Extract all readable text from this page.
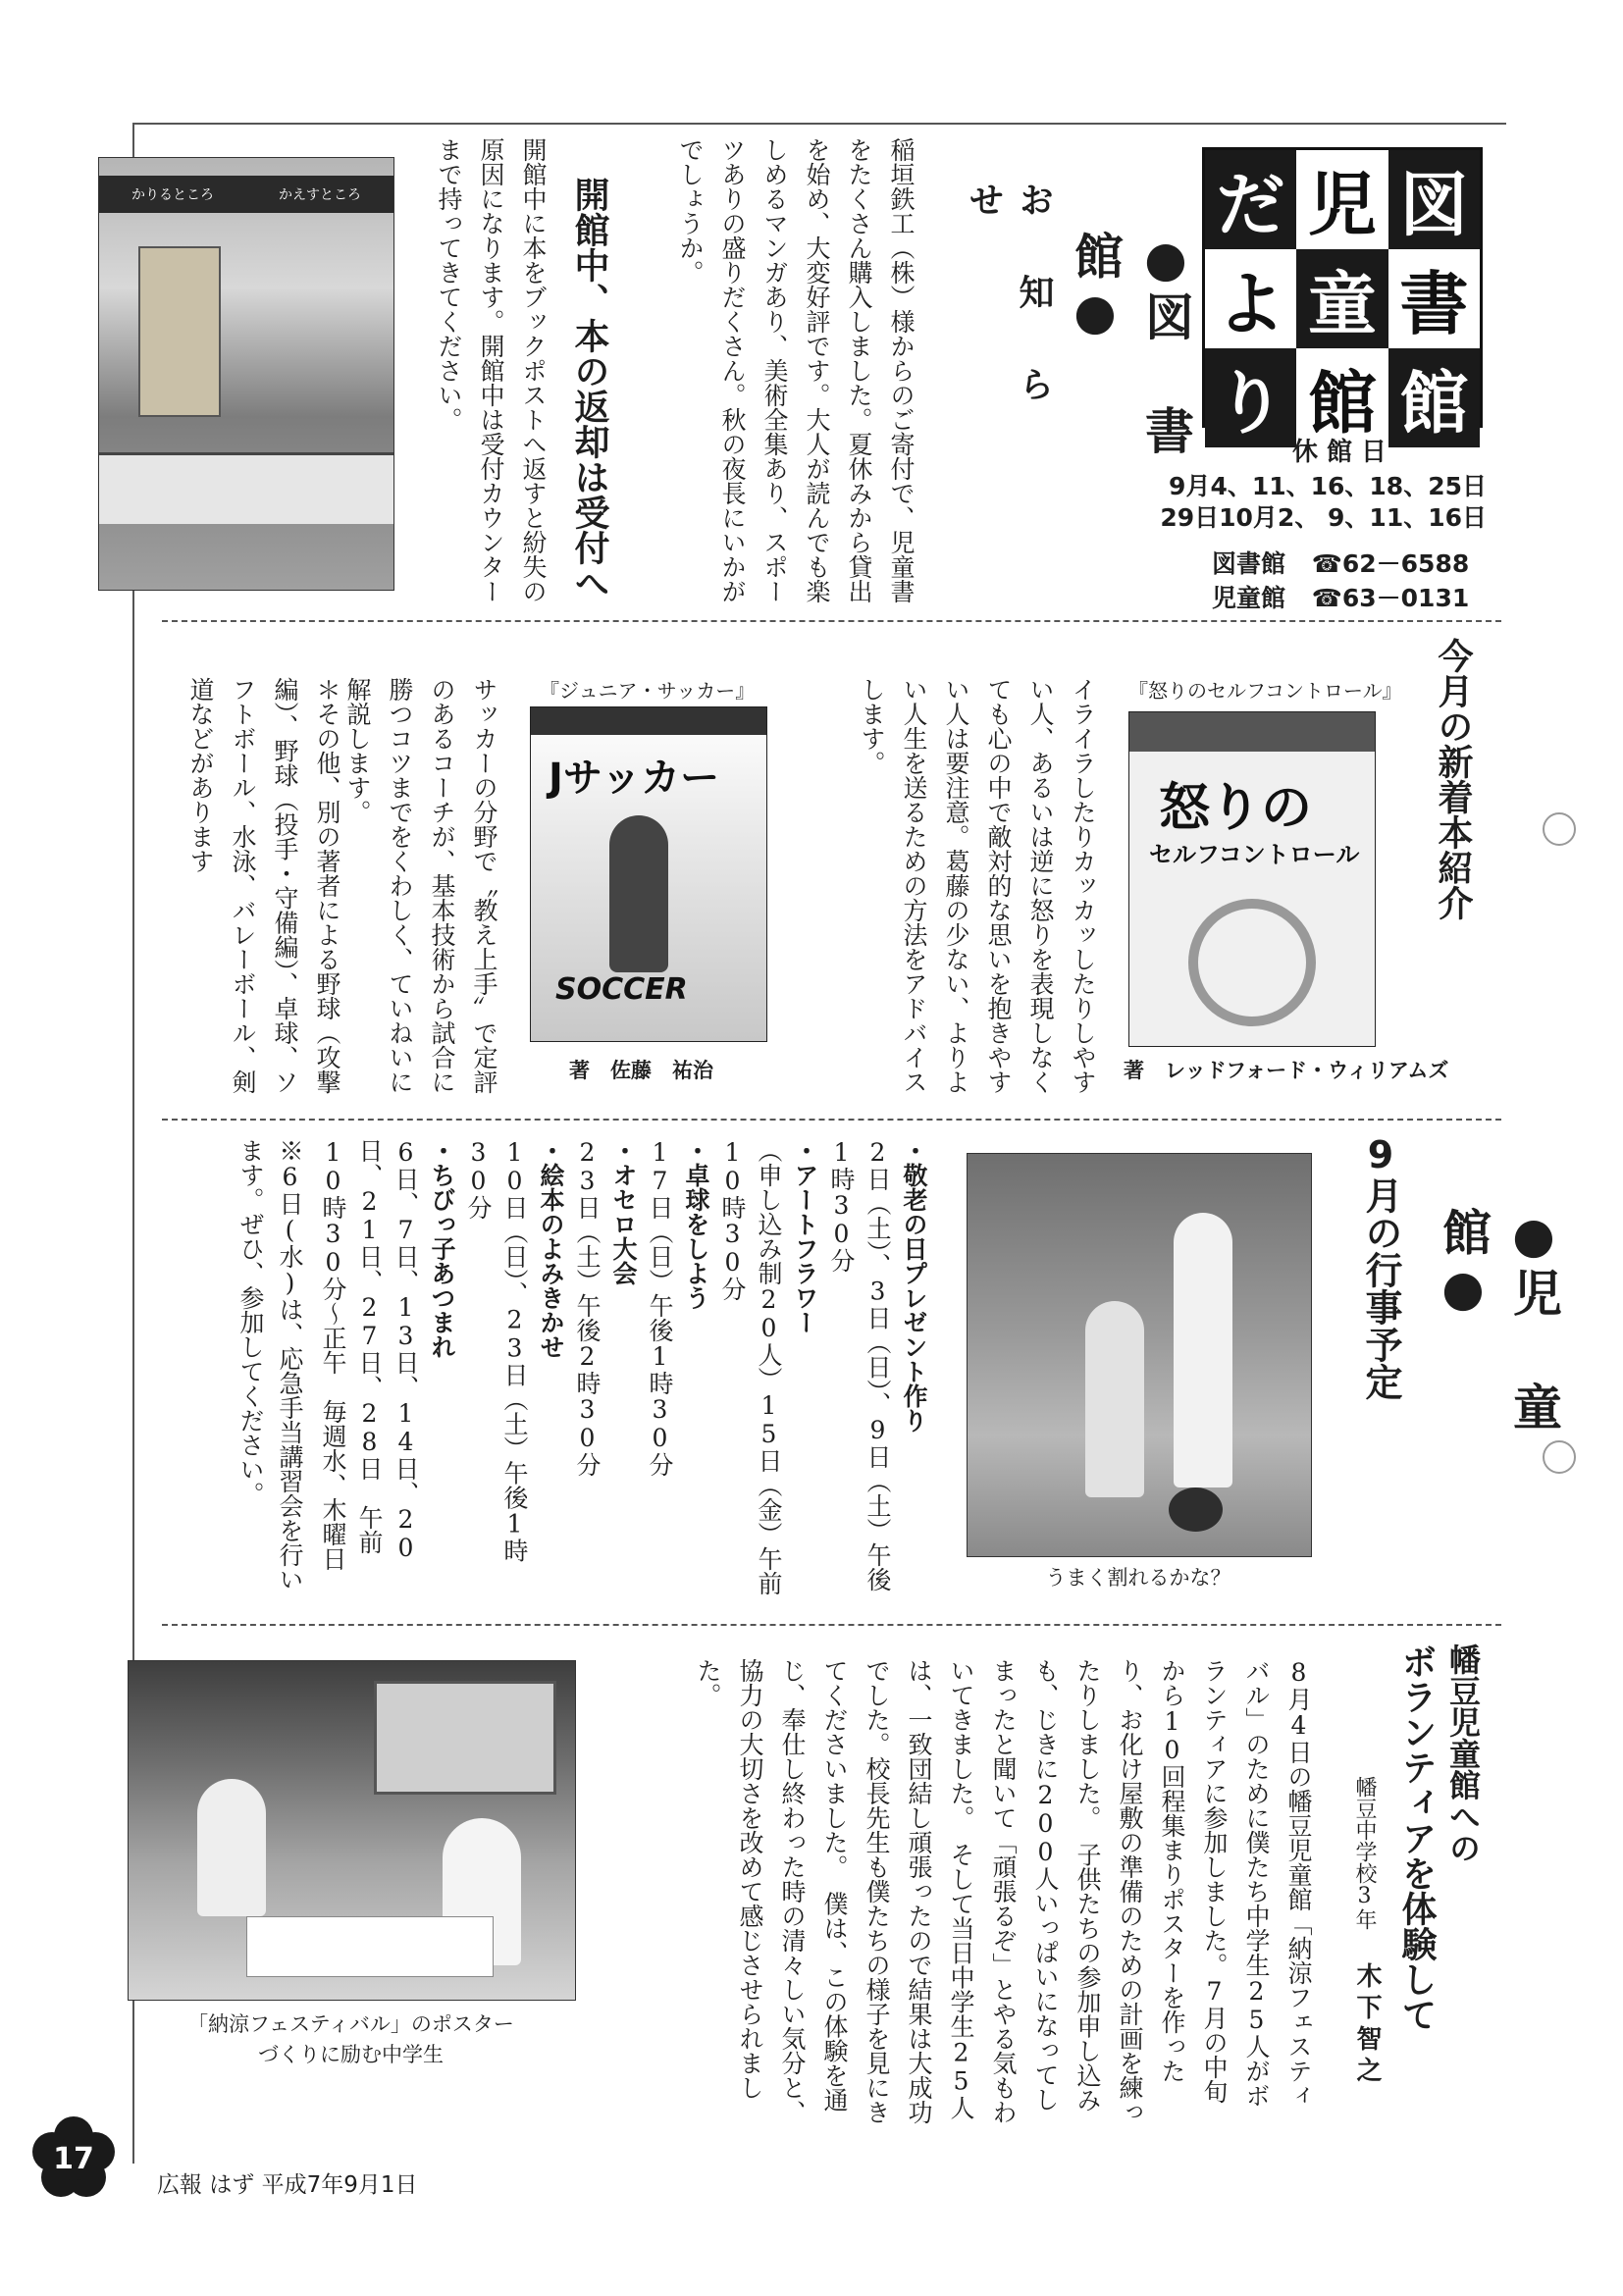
だ 児 図
よ 童 書
り 館 館
休 館 日
9月4、11、16、18、25日
29日10月2、 9、11、16日
図書館 ☎62－6588
児童館 ☎63－0131
●図 書 館●
お 知 ら せ
稲垣鉄工（株）様からのご寄付で、児童書をたくさん購入しました。夏休みから貸出を始め、大変好評です。大人が読んでも楽しめるマンガあり、美術全集あり、スポーツありの盛りだくさん。秋の夜長にいかがでしょうか。
開館中、本の返却は受付へ
開館中に本をブックポストへ返すと紛失の原因になります。開館中は受付カウンターまで持ってきてください。
かりるところ	かえすところ
今月の新着本紹介
『怒りのセルフコントロール』
怒りの
セルフコントロール
著　レッドフォード・ウィリアムズ
イライラしたりカッカッしたりしやすい人、あるいは逆に怒りを表現しなくても心の中で敵対的な思いを抱きやすい人は要注意。葛藤の少ない、よりよい人生を送るための方法をアドバイスします。
『ジュニア・サッカー』
Jサッカー
SOCCER
著　佐藤　祐治
サッカーの分野で〝教え上手〟で定評のあるコーチが、基本技術から試合に勝つコツまでをくわしく、ていねいに解説します。
＊その他、別の著者による野球（攻撃編）、野球（投手・守備編）、卓球、ソフトボール、水泳、バレーボール、剣道などがあります
●児 童 館●
9月の行事予定
うまく割れるかな？

・敬老の日プレゼント作り

2日（土）、3日（日）、9日（土）午後1時30分

・アートフラワー

（申し込み制20人）15日（金）午前10時30分

・卓球をしよう

17日（日）午後1時30分

・オセロ大会

23日（土）午後2時30分

・絵本のよみきかせ

10日（日）、23日（土）午後1時30分

・ちびっ子あつまれ

6日、7日、13日、14日、20日、21日、27日、28日　午前10時30分～正午　毎週水、木曜日

※6日(水)は、応急手当講習会を行います。ぜひ、参加してください。
幡豆児童館への
ボランティアを体験して
幡豆中学校3年
木下智之
8月4日の幡豆児童館「納涼フェスティバル」のために僕たち中学生25人がボランティアに参加しました。7月の中旬から10回程集まりポスターを作ったり、お化け屋敷の準備のための計画を練ったりしました。　子供たちの参加申し込みも、じきに200人いっぱいになってしまったと聞いて「頑張るぞ」とやる気もわいてきました。　そして当日中学生25人は、一致団結し頑張ったので結果は大成功でした。校長先生も僕たちの様子を見にきてくださいました。　僕は、この体験を通じ、奉仕し終わった時の清々しい気分と、協力の大切さを改めて感じさせられました。
「納涼フェスティバル」のポスター
づくりに励む中学生
17
広報 はず 平成7年9月1日
